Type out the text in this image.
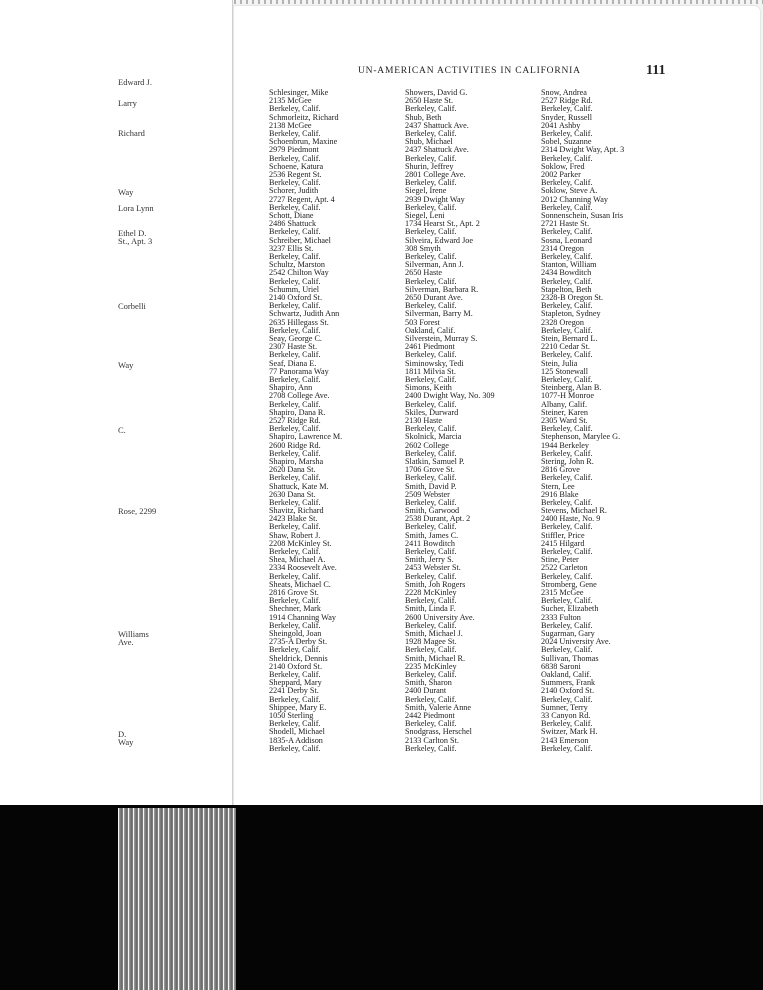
Edward J.
Larry
Richard
Way
Lora Lynn
Ethel D.
St., Apt. 3
Corbelli
Way
C.
Rose, 2299
Williams
Ave.
D.
Way
UN-AMERICAN ACTIVITIES IN CALIFORNIA	111
Schlesinger, Mike
2135 McGee
Berkeley, Calif.
Schmorleitz, Richard
2138 McGee
Berkeley, Calif.
Schoenbrun, Maxine
2979 Piedmont
Berkeley, Calif.
Schoene, Katura
2536 Regent St.
Berkeley, Calif.
Schorer, Judith
2727 Regent, Apt. 4
Berkeley, Calif.
Schott, Diane
2486 Shattuck
Berkeley, Calif.
Schreiber, Michael
3237 Ellis St.
Berkeley, Calif.
Schultz, Marston
2542 Chilton Way
Berkeley, Calif.
Schumm, Uriel
2140 Oxford St.
Berkeley, Calif.
Schwartz, Judith Ann
2635 Hillegass St.
Berkeley, Calif.
Seay, George C.
2307 Haste St.
Berkeley, Calif.
Seaf, Diana E.
77 Panorama Way
Berkeley, Calif.
Shapiro, Ann
2708 College Ave.
Berkeley, Calif.
Shapiro, Dana R.
2527 Ridge Rd.
Berkeley, Calif.
Shapiro, Lawrence M.
2600 Ridge Rd.
Berkeley, Calif.
Shapiro, Marsha
2620 Dana St.
Berkeley, Calif.
Shattuck, Kate M.
2630 Dana St.
Berkeley, Calif.
Shavitz, Richard
2423 Blake St.
Berkeley, Calif.
Shaw, Robert J.
2208 McKinley St.
Berkeley, Calif.
Shea, Michael A.
2334 Roosevelt Ave.
Berkeley, Calif.
Sheats, Michael C.
2816 Grove St.
Berkeley, Calif.
Shechner, Mark
1914 Channing Way
Berkeley, Calif.
Sheingold, Joan
2735-A Derby St.
Berkeley, Calif.
Sheldrick, Dennis
2140 Oxford St.
Berkeley, Calif.
Sheppard, Mary
2241 Derby St.
Berkeley, Calif.
Shippee, Mary E.
1050 Sterling
Berkeley, Calif.
Shodell, Michael
1835-A Addison
Berkeley, Calif.
Showers, David G.
2650 Haste St.
Berkeley, Calif.
Shub, Beth
2437 Shattuck Ave.
Berkeley, Calif.
Shub, Michael
2437 Shattuck Ave.
Berkeley, Calif.
Shurin, Jeffrey
2801 College Ave.
Berkeley, Calif.
Siegel, Irene
2939 Dwight Way
Berkeley, Calif.
Siegel, Leni
1734 Hearst St., Apt. 2
Berkeley, Calif.
Silveira, Edward Joe
308 Smyth
Berkeley, Calif.
Silverman, Ann J.
2650 Haste
Berkeley, Calif.
Silverman, Barbara R.
2650 Durant Ave.
Berkeley, Calif.
Silverman, Barry M.
503 Forest
Oakland, Calif.
Silverstein, Murray S.
2461 Piedmont
Berkeley, Calif.
Siminowsky, Tedi
1811 Milvia St.
Berkeley, Calif.
Simons, Keith
2400 Dwight Way, No. 309
Berkeley, Calif.
Skiles, Durward
2130 Haste
Berkeley, Calif.
Skolnick, Marcia
2602 College
Berkeley, Calif.
Slatkin, Samuel P.
1706 Grove St.
Berkeley, Calif.
Smith, David P.
2509 Webster
Berkeley, Calif.
Smith, Garwood
2538 Durant, Apt. 2
Berkeley, Calif.
Smith, James C.
2411 Bowditch
Berkeley, Calif.
Smith, Jerry S.
2453 Webster St.
Berkeley, Calif.
Smith, Joh Rogers
2228 McKinley
Berkeley, Calif.
Smith, Linda F.
2600 University Ave.
Berkeley, Calif.
Smith, Michael J.
1928 Magee St.
Berkeley, Calif.
Smith, Michael R.
2235 McKinley
Berkeley, Calif.
Smith, Sharon
2400 Durant
Berkeley, Calif.
Smith, Valerie Anne
2442 Piedmont
Berkeley, Calif.
Snodgrass, Herschel
2133 Carlton St.
Berkeley, Calif.
Snow, Andrea
2527 Ridge Rd.
Berkeley, Calif.
Snyder, Russell
2041 Ashby
Berkeley, Calif.
Sobel, Suzanne
2314 Dwight Way, Apt. 3
Berkeley, Calif.
Soklow, Fred
2002 Parker
Berkeley, Calif.
Soklow, Steve A.
2012 Channing Way
Berkeley, Calif.
Sonnenschein, Susan Iris
2721 Haste St.
Berkeley, Calif.
Sosna, Leonard
2314 Oregon
Berkeley, Calif.
Stanton, William
2434 Bowditch
Berkeley, Calif.
Stapelton, Beth
2328-B Oregon St.
Berkeley, Calif.
Stapleton, Sydney
2328 Oregon
Berkeley, Calif.
Stein, Bernard L.
2210 Cedar St.
Berkeley, Calif.
Stein, Julia
125 Stonewall
Berkeley, Calif.
Steinberg, Alan B.
1077-H Monroe
Albany, Calif.
Steiner, Karen
2305 Ward St.
Berkeley, Calif.
Stephenson, Marylee G.
1944 Berkeley
Berkeley, Calif.
Stering, John R.
2816 Grove
Berkeley, Calif.
Stern, Lee
2916 Blake
Berkeley, Calif.
Stevens, Michael R.
2400 Haste, No. 9
Berkeley, Calif.
Stiffler, Price
2415 Hilgard
Berkeley, Calif.
Stine, Peter
2522 Carleton
Berkeley, Calif.
Stromberg, Gene
2315 McGee
Berkeley, Calif.
Sucher, Elizabeth
2333 Fulton
Berkeley, Calif.
Sugarman, Gary
2024 University Ave.
Berkeley, Calif.
Sullivan, Thomas
6838 Saroni
Oakland, Calif.
Summers, Frank
2140 Oxford St.
Berkeley, Calif.
Sumner, Terry
33 Canyon Rd.
Berkeley, Calif.
Switzer, Mark H.
2143 Emerson
Berkeley, Calif.
